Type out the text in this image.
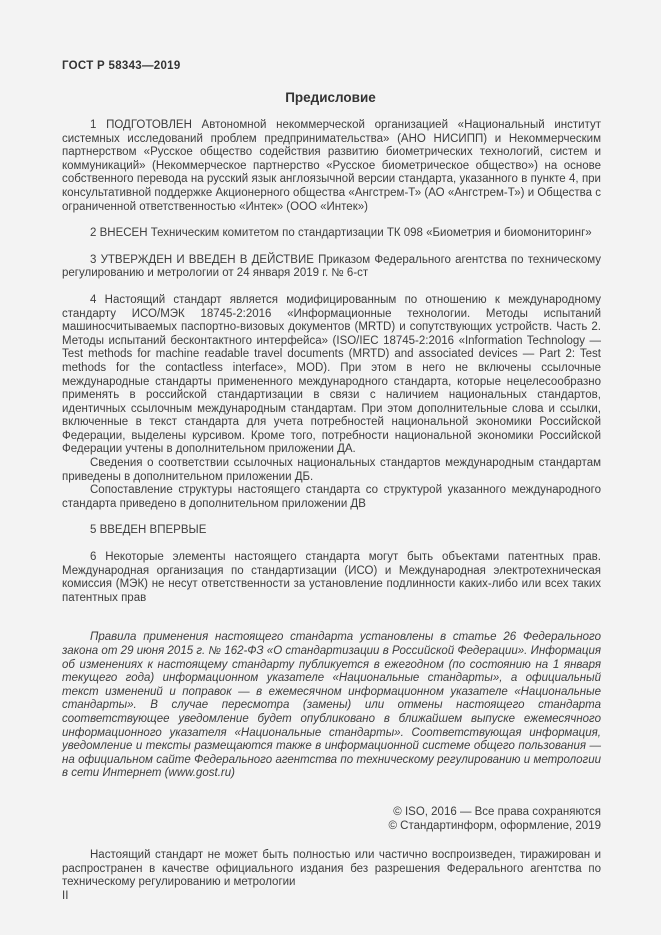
ГОСТ Р 58343—2019
Предисловие

1 ПОДГОТОВЛЕН Автономной некоммерческой организацией «Национальный институт системных исследований проблем предпринимательства» (АНО НИСИПП) и Некоммерческим партнерством «Русское общество содействия развитию биометрических технологий, систем и коммуникаций» (Некоммерческое партнерство «Русское биометрическое общество») на основе собственного перевода на русский язык англоязычной версии стандарта, указанного в пункте 4, при консультативной поддержке Акционерного общества «Ангстрем-Т» (АО «Ангстрем-Т») и Общества с ограниченной ответственностью «Интек» (ООО «Интек»)

2 ВНЕСЕН Техническим комитетом по стандартизации ТК 098 «Биометрия и биомониторинг»

3 УТВЕРЖДЕН И ВВЕДЕН В ДЕЙСТВИЕ Приказом Федерального агентства по техническому регулированию и метрологии от 24 января 2019 г. № 6-ст

4 Настоящий стандарт является модифицированным по отношению к международному стандарту ИСО/МЭК 18745-2:2016 «Информационные технологии. Методы испытаний машиносчитываемых паспортно-визовых документов (MRTD) и сопутствующих устройств. Часть 2. Методы испытаний бесконтактного интерфейса» (ISO/IEC 18745-2:2016 «Information Technology — Test methods for machine readable travel documents (MRTD) and associated devices — Part 2: Test methods for the contactless interface», MOD). При этом в него не включены ссылочные международные стандарты примененного международного стандарта, которые нецелесообразно применять в российской стандартизации в связи с наличием национальных стандартов, идентичных ссылочным международным стандартам. При этом дополнительные слова и ссылки, включенные в текст стандарта для учета потребностей национальной экономики Российской Федерации, выделены курсивом. Кроме того, потребности национальной экономики Российской Федерации учтены в дополнительном приложении ДА.

Сведения о соответствии ссылочных национальных стандартов международным стандартам приведены в дополнительном приложении ДБ.

Сопоставление структуры настоящего стандарта со структурой указанного международного стандарта приведено в дополнительном приложении ДВ

5 ВВЕДЕН ВПЕРВЫЕ

6 Некоторые элементы настоящего стандарта могут быть объектами патентных прав. Международная организация по стандартизации (ИСО) и Международная электротехническая комиссия (МЭК) не несут ответственности за установление подлинности каких-либо или всех таких патентных прав

Правила применения настоящего стандарта установлены в статье 26 Федерального закона от 29 июня 2015 г. № 162-ФЗ «О стандартизации в Российской Федерации». Информация об изменениях к настоящему стандарту публикуется в ежегодном (по состоянию на 1 января текущего года) информационном указателе «Национальные стандарты», а официальный текст изменений и поправок — в ежемесячном информационном указателе «Национальные стандарты». В случае пересмотра (замены) или отмены настоящего стандарта соответствующее уведомление будет опубликовано в ближайшем выпуске ежемесячного информационного указателя «Национальные стандарты». Соответствующая информация, уведомление и тексты размещаются также в информационной системе общего пользования — на официальном сайте Федерального агентства по техническому регулированию и метрологии в сети Интернет (www.gost.ru)

© ISO, 2016 — Все права сохраняются
© Стандартинформ, оформление, 2019

Настоящий стандарт не может быть полностью или частично воспроизведен, тиражирован и распространен в качестве официального издания без разрешения Федерального агентства по техническому регулированию и метрологии

II
